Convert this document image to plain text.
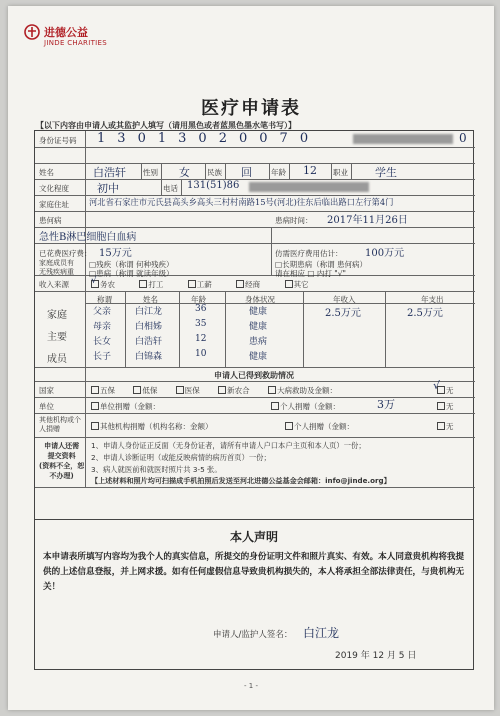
进德公益
JINDE CHARITIES
医疗申请表
【以下内容由申请人或其监护人填写（请用黑色或者蓝黑色墨水笔书写）】
身份证号码 13013020070	0
姓名	白浩轩 性别 女 民族 回	年龄 12 职业 学生
文化程度	初中	电话 131(51)86
家庭住址 河北省石家庄市元氏县高头乡高头三村村南路15号(河北)往东后临出路口左行第4门
患何病
急性B淋巴细胞白血病
患病时间： 2017年11月26日
已花费医疗费： 15万元	仿需医疗费用估计： 100万元
家庭成员有
无残疾病重
□残疾（称谓 何种残疾）	□长期患病（称谓 患何病）
□患病（称谓 就读年级）	请在相应 □ 内打 "√"
收入来源 √ 务农	打工	工薪	经商	其它
家庭
主要
成员
称谓	姓名	年龄	身体状况	年收入	年支出
父亲	白江龙	36	健康
母亲	白相姊	35	健康
长女	白浩轩	12	患病
长子	白锦森	10	健康
2.5万元	2.5万元
申请人已得到救助情况
国家	五保	低保	医保	新农合	大病救助及金额：	无
√
单位	单位捐赠（金额：	个人捐赠（金额：	3万	无
其他机构或个
人捐赠	其他机构捐赠（机构名称：金额）	个人捐赠（金额：	无
申请人还需
提交资料
(资料不全，恕
不办理)
1、申请人身份证正反面（无身份证者，请所有申请人户口本户主页和本人页）一份；
2、申请人诊断证明（或能反映病情的病历首页）一份；
3、病人就医前和就医时照片共 3-5 张。
【上述材料和照片均可扫描成手机拍照后发送至河北进德公益基金会邮箱：info@jinde.org】
本人声明
本申请表所填写内容均为我个人的真实信息，所提交的身份证明文件和照片真实、有效。本人同意贵机构将我提供的上述信息登报，并上网求援。如有任何虚假信息导致贵机构损失的，本人将承担全部法律责任，与贵机构无关！
申请人/监护人签名： 白江龙
2019 年 12 月 5 日
- 1 -
